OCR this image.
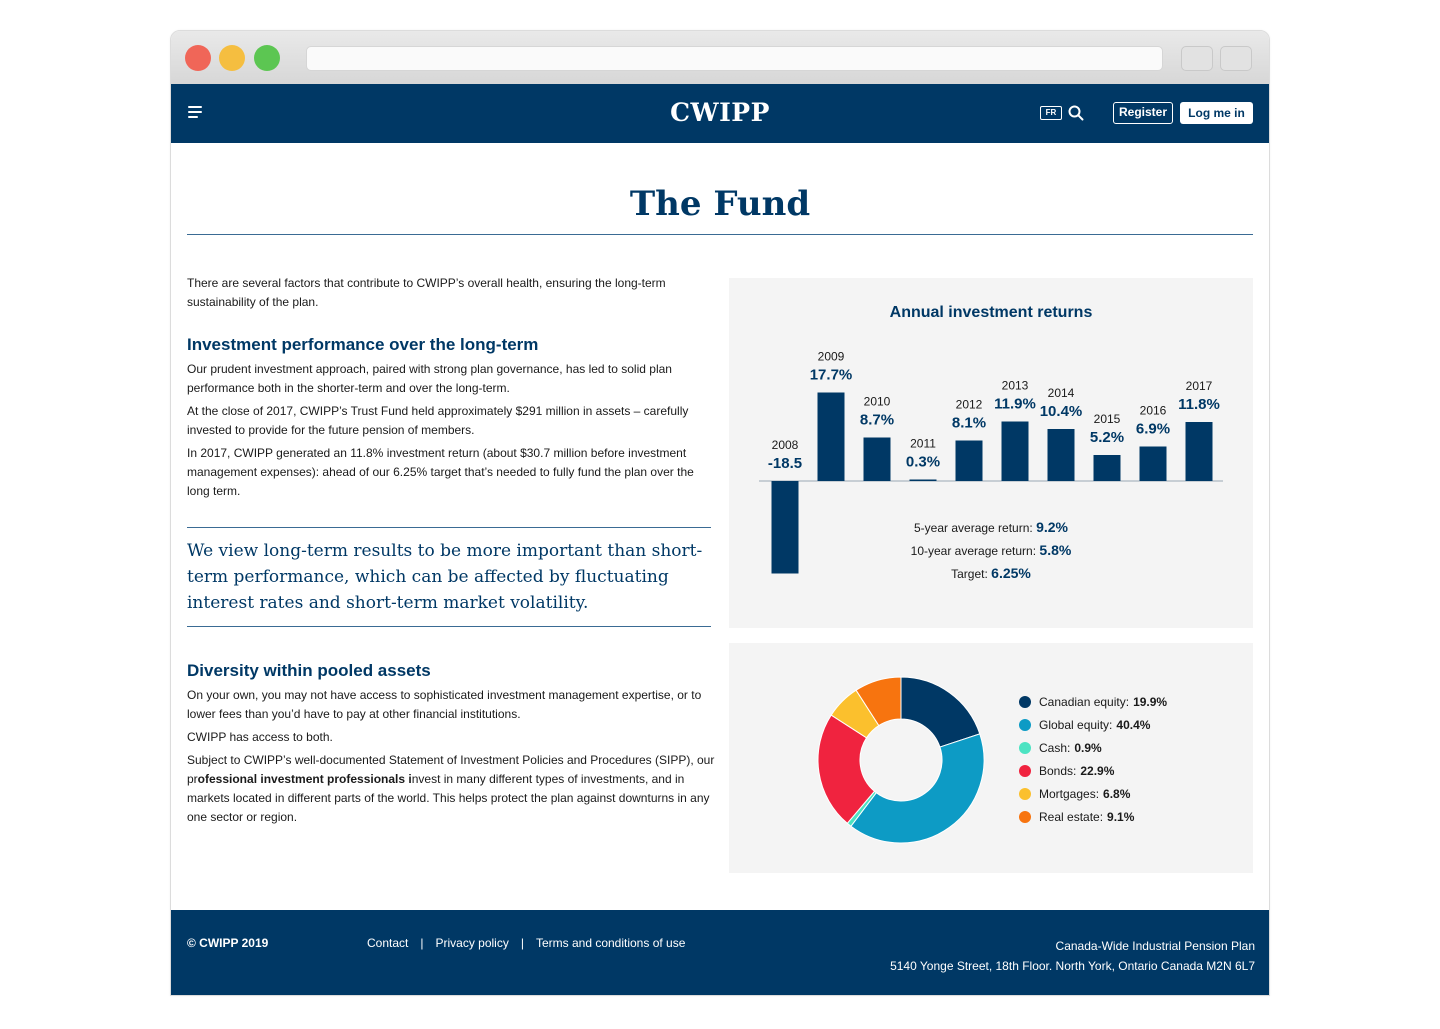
CWIPP	FR	Register	Log me in
The Fund

There are several factors that contribute to CWIPP’s overall health, ensuring the long-term sustainability of the plan.

Investment performance over the long-term

Our prudent investment approach, paired with strong plan governance, has led to solid plan performance both in the shorter-term and over the long-term.

At the close of 2017, CWIPP’s Trust Fund held approximately $291 million in assets – carefully invested to provide for the future pension of members.

In 2017, CWIPP generated an 11.8% investment return (about $30.7 million before investment management expenses): ahead of our 6.25% target that’s needed to fully fund the plan over the long term.

We view long-term results to be more important than short-term performance, which can be affected by fluctuating interest rates and short-term market volatility.

Diversity within pooled assets

On your own, you may not have access to sophisticated investment management expertise, or to lower fees than you’d have to pay at other financial institutions.

CWIPP has access to both.

Subject to CWIPP’s well-documented Statement of Investment Policies and Procedures (SIPP), our professional investment professionals invest in many different types of investments, and in markets located in different parts of the world. This helps protect the plan against downturns in any one sector or region.

Annual investment returns
-18.5
2008
17.7%
2009
8.7%
2010
0.3%
2011
8.1%
2012 11.9%
2013
10.4%
2014
5.2%
2015
6.9%
2016 11.8%
2017
5-year average return: 9.2%
10-year average return: 5.8%
Target: 6.25%
Canadian equity: 19.9%
Global equity: 40.4%
Cash: 0.9%
Bonds: 22.9%
Mortgages: 6.8%
Real estate: 9.1%
© CWIPP 2019	Contact | Privacy policy | Terms and conditions of use	Canada-Wide Industrial Pension Plan
5140 Yonge Street, 18th Floor. North York, Ontario Canada M2N 6L7
